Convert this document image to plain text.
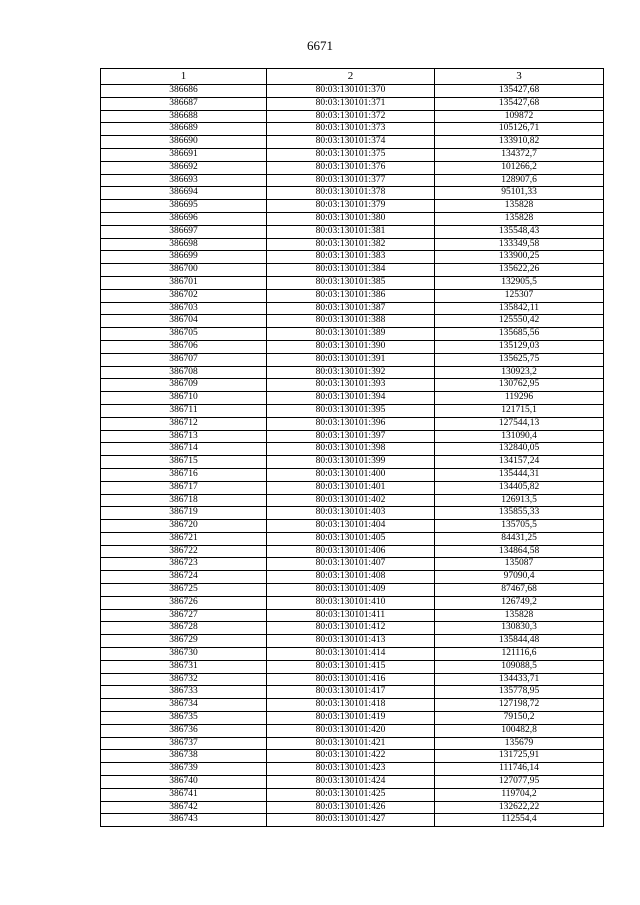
6671
1	2	3
386686	80:03:130101:370	135427,68
386687	80:03:130101:371	135427,68
386688	80:03:130101:372	109872
386689	80:03:130101:373	105126,71
386690	80:03:130101:374	133910,82
386691	80:03:130101:375	134372,7
386692	80:03:130101:376	101266,2
386693	80:03:130101:377	128907,6
386694	80:03:130101:378	95101,33
386695	80:03:130101:379	135828
386696	80:03:130101:380	135828
386697	80:03:130101:381	135548,43
386698	80:03:130101:382	133349,58
386699	80:03:130101:383	133900,25
386700	80:03:130101:384	135622,26
386701	80:03:130101:385	132905,5
386702	80:03:130101:386	125307
386703	80:03:130101:387	135842,11
386704	80:03:130101:388	125550,42
386705	80:03:130101:389	135685,56
386706	80:03:130101:390	135129,03
386707	80:03:130101:391	135625,75
386708	80:03:130101:392	130923,2
386709	80:03:130101:393	130762,95
386710	80:03:130101:394	119296
386711	80:03:130101:395	121715,1
386712	80:03:130101:396	127544,13
386713	80:03:130101:397	131090,4
386714	80:03:130101:398	132840,05
386715	80:03:130101:399	134157,24
386716	80:03:130101:400	135444,31
386717	80:03:130101:401	134405,82
386718	80:03:130101:402	126913,5
386719	80:03:130101:403	135855,33
386720	80:03:130101:404	135705,5
386721	80:03:130101:405	84431,25
386722	80:03:130101:406	134864,58
386723	80:03:130101:407	135087
386724	80:03:130101:408	97090,4
386725	80:03:130101:409	87467,68
386726	80:03:130101:410	126749,2
386727	80:03:130101:411	135828
386728	80:03:130101:412	130830,3
386729	80:03:130101:413	135844,48
386730	80:03:130101:414	121116,6
386731	80:03:130101:415	109088,5
386732	80:03:130101:416	134433,71
386733	80:03:130101:417	135778,95
386734	80:03:130101:418	127198,72
386735	80:03:130101:419	79150,2
386736	80:03:130101:420	100482,8
386737	80:03:130101:421	135679
386738	80:03:130101:422	131725,91
386739	80:03:130101:423	111746,14
386740	80:03:130101:424	127077,95
386741	80:03:130101:425	119704,2
386742	80:03:130101:426	132622,22
386743	80:03:130101:427	112554,4
